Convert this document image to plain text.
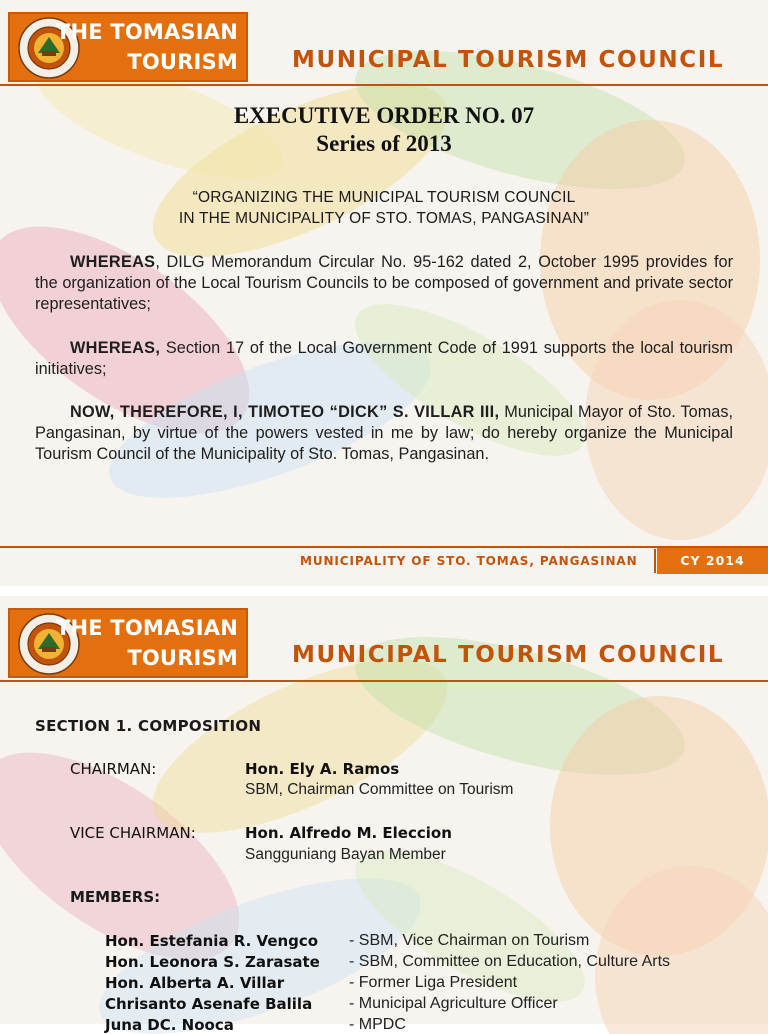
THE TOMASIAN
TOURISM MUNICIPAL TOURISM COUNCIL
EXECUTIVE ORDER NO. 07
Series of 2013
“ORGANIZING THE MUNICIPAL TOURISM COUNCIL
IN THE MUNICIPALITY OF STO. TOMAS, PANGASINAN”
WHEREAS, DILG Memorandum Circular No. 95-162 dated 2, October 1995 provides for the organization of the Local Tourism Councils to be composed of government and private sector representatives;
WHEREAS, Section 17 of the Local Government Code of 1991 supports the local tourism initiatives;
NOW, THEREFORE, I, TIMOTEO “DICK” S. VILLAR III, Municipal Mayor of Sto. Tomas, Pangasinan, by virtue of the powers vested in me by law; do hereby organize the Municipal Tourism Council of the Municipality of Sto. Tomas, Pangasinan.
MUNICIPALITY OF STO. TOMAS, PANGASINAN	CY 2014
THE TOMASIAN
TOURISM MUNICIPAL TOURISM COUNCIL
SECTION 1. COMPOSITION
CHAIRMAN:	Hon. Ely A. Ramos
SBM, Chairman Committee on Tourism
VICE CHAIRMAN:	Hon. Alfredo M. Eleccion
Sangguniang Bayan Member
MEMBERS:
Hon. Estefania R. Vengco - SBM, Vice Chairman on Tourism
Hon. Leonora S. Zarasate - SBM, Committee on Education, Culture Arts
Hon. Alberta A. Villar	- Former Liga President
Chrisanto Asenafe Balila - Municipal Agriculture Officer
Juna DC. Nooca	- MPDC
